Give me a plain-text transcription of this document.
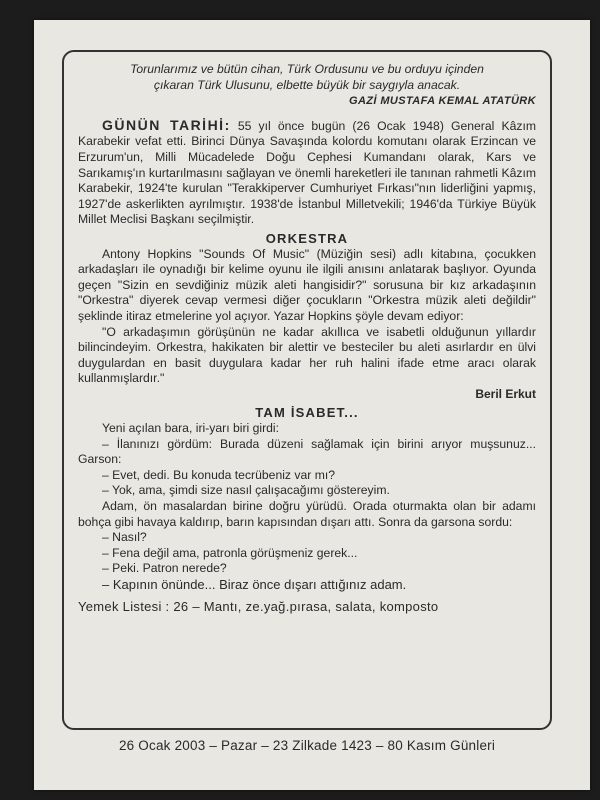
Torunlarımız ve bütün cihan, Türk Ordusunu ve bu orduyu içinden

çıkaran Türk Ulusunu, elbette büyük bir saygıyla anacak.

GAZİ MUSTAFA KEMAL ATATÜRK

GÜNÜN TARİHİ: 55 yıl önce bugün (26 Ocak 1948) General Kâzım Karabekir vefat etti. Birinci Dünya Savaşında kolordu komutanı olarak Erzincan ve Erzurum'un, Milli Mücadelede Doğu Cephesi Kumandanı olarak, Kars ve Sarıkamış'ın kurtarılmasını sağlayan ve önemli hareketleri ile tanınan rahmetli Kâzım Karabekir, 1924'te kurulan "Terakkiperver Cumhuriyet Fırkası"nın liderliğini yapmış, 1927'de askerlikten ayrılmıştır. 1938'de İstanbul Milletvekili; 1946'da Türkiye Büyük Millet Meclisi Başkanı seçilmiştir.

ORKESTRA

Antony Hopkins "Sounds Of Music" (Müziğin sesi) adlı kitabına, çocukken arkadaşları ile oynadığı bir kelime oyunu ile ilgili anısını anlatarak başlıyor. Oyunda geçen "Sizin en sevdiğiniz müzik aleti hangisidir?" sorusuna bir kız arkadaşının "Orkestra" diyerek cevap vermesi diğer çocukların "Orkestra müzik aleti değildir" şeklinde itiraz etmelerine yol açıyor. Yazar Hopkins şöyle devam ediyor:

"O arkadaşımın görüşünün ne kadar akıllıca ve isabetli olduğunun yıllardır bilincindeyim. Orkestra, hakikaten bir alettir ve besteciler bu aleti asırlardır en ülvi duygulardan en basit duygulara kadar her ruh halini ifade etme aracı olarak kullanmışlardır."

Beril Erkut

TAM İSABET...

Yeni açılan bara, iri-yarı biri girdi:

– İlanınızı gördüm: Burada düzeni sağlamak için birini arıyor muşsunuz... Garson:

– Evet, dedi. Bu konuda tecrübeniz var mı?

– Yok, ama, şimdi size nasıl çalışacağımı göstereyim.

Adam, ön masalardan birine doğru yürüdü. Orada oturmakta olan bir adamı bohça gibi havaya kaldırıp, barın kapısından dışarı attı. Sonra da garsona sordu:

– Nasıl?

– Fena değil ama, patronla görüşmeniz gerek...

– Peki. Patron nerede?

– Kapının önünde... Biraz önce dışarı attığınız adam.

Yemek Listesi : 26 – Mantı, ze.yağ.pırasa, salata, komposto

26 Ocak 2003 – Pazar – 23 Zilkade 1423 – 80 Kasım Günleri
